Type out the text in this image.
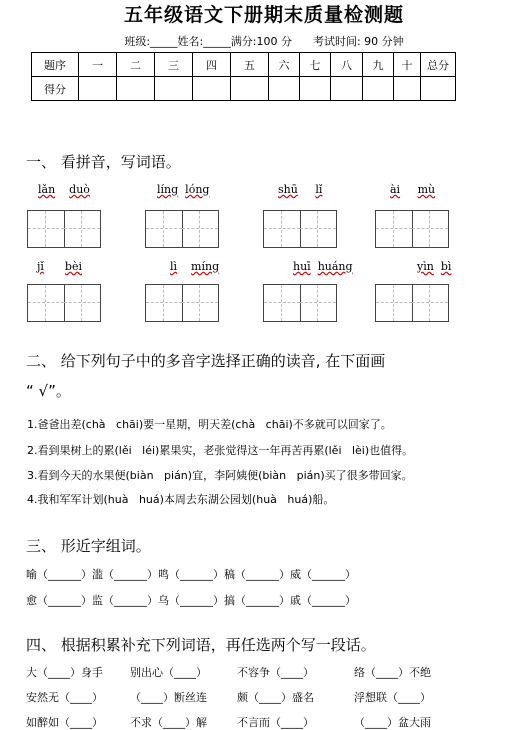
五年级语文下册期末质量检测题
班级:_____姓名:_____满分:100 分 考试时间: 90 分钟
题序	一	二	三	四	五	六	七	八	九	十	总分
得分											
一、 看拼音，写词语。
lǎn duò	líng lóng	shū lǐ	ài mù
jǐ bèi	lì míng	huī huáng	yìn bì
二、 给下列句子中的多音字选择正确的读音, 在下面画
“ √”。
1.爸爸出差(chà   chāi)要一星期，明天差(chà   chāi)不多就可以回家了。
2.看到果树上的累(lěi   léi)累果实，老张觉得这一年再苦再累(lěi   lèi)也值得。
3.看到今天的水果便(biàn   pián)宜，李阿姨便(biàn   pián)买了很多带回家。
4.我和军军计划(huà   huá)本周去东湖公园划(huà   huá)船。
三、 形近字组词。
喻（______）滥（______）鸣（______）稿（______）威（______）
愈（______）监（______）乌（______）搞（______）戚（______）
四、 根据积累补充下列词语，再任选两个写一段话。
大（____）身手 别出心（____）	不容争（____）	络（____）不绝
安然无（____） （____）断丝连	颇（____）盛名	浮想联（____）
如醉如（____） 不求（____）解	不言而（____）	（____）盆大雨
